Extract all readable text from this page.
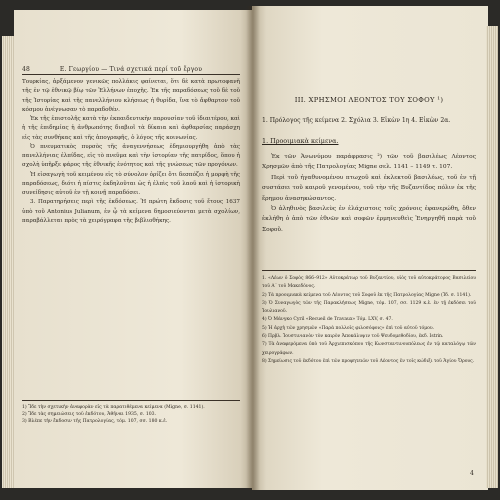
48	Ε. Γεωργίου — Τινά σχετικά περί τοῦ ἔργου

Τουρκίας, ἀρξάμενον γενικῶς πολλάκις φαίνεται, ὅτι δὲ κατὰ πρωτοφανῆ τῆς ἐν τῷ ἐθνικῷ βίῳ τῶν Ἑλλήνων ἐποχῆς. Ἐκ τῆς παραδόσεως τοῦ δὲ τοῦ τῆς Ἱστορίας καὶ τῆς πανελλήνιου κλήσεως ἡ θυρίδα, ἵνα τὸ ἄφθαρτον τοῦ κόσμου ἀνέγνωσαν τὸ παραδοθέν.

Ἐκ τῆς ἐπιστολῆς κατὰ τὴν ἐκπαιδευτικὴν παρουσίαν τοῦ ἰδιαιτέρου, καὶ ἡ τῆς ἐπιδημίας ἡ ἀνθρωπότης διαβιοῖ τὰ δίκαια καὶ ἀφθαρσίας παράσχη εἰς τὰς συνθήκας καὶ τῆς ἀπογραφῆς, ὁ λόγος τῆς κοινωνίας.

Ὁ πνευματικὸς πυρσὸς τῆς ἀναγεννήσεως ἐδημιουργήθη ἀπὸ τὰς πανελλήνιας ἐλπίδας, εἰς τὸ πνεῦμα καὶ τὴν ἱστορίαν τῆς πατρίδος, ὅπου ἡ σχολὴ ὑπῆρξε φάρος τῆς ἐθνικῆς ἐνότητος καὶ τῆς γνώσεως τῶν προγόνων.

Ἡ εἰσαγωγὴ τοῦ κειμένου εἰς τὸ σύνολον ὁρίζει ὅτι δεσπόζει ἡ μορφὴ τῆς παραδόσεως, διότι ἡ πίστις ἐκδηλοῦται ὡς ἡ ἐλπὶς τοῦ λαοῦ καὶ ἡ ἱστορικὴ συνείδησις αὐτοῦ ἐν τῇ κοινῇ παραδόσει.

3. Παρατηρήσεις περὶ τῆς ἐκδόσεως. Ἡ πρώτη ἔκδοσις τοῦ ἔτους 1637 ὑπὸ τοῦ Antonius Julianum, ἐν ᾧ τὰ κείμενα δημοσιεύονται μετὰ σχολίων, παραβάλλεται πρὸς τὰ χειρόγραφα τῆς βιβλιοθήκης.

1) Ἴδε τὴν σχετικὴν ἀναφορὰν εἰς τὰ παρατιθέμενα κείμενα (Migne, σ. 1141).
2) Ἴδε τὰς σημειώσεις τοῦ ἐκδότου, Ἀθῆναι 1935, σ. 103.
3) Βλέπε τὴν ἔκδοσιν τῆς Πατρολογίας, τόμ. 107, σσ. 180 κ.ἑ.
III. ΧΡΗΣΜΟΙ ΛΕΟΝΤΟΣ ΤΟΥ ΣΟΦΟΥ ¹)
1. Πρόλογος τῆς κείμενα 2. Σχόλια 3. Εἰκὼν 1η 4. Εἰκὼν 2α.
1. Προοιμιακὰ κείμενα.

Ἐκ τῶν Ἀνωνύμου παράφρασις ²) τῶν τοῦ βασιλέως Λέοντος Χρησμῶν ἀπὸ τῆς Πατρολογίας Migne σελ. 1141 – 1149 τ. 107.

Περὶ τοῦ ἠγαθυνομένου πτωχοῦ καὶ ἐκλεκτοῦ βασιλέως, τοῦ ἐν τῇ συστάσει τοῦ καιροῦ γενομένου, τοῦ τὴν τῆς Βυζαντίδος πόλιν ἐκ τῆς ἔρημου ἀνασηκώσαντος.

Ὁ ἀληθινὸς βασιλεὺς ἐν ἐλάχιστοις τοῖς χρόνοις ἐφανερώθη, ὅθεν ἐκλήθη ὁ ἀπὸ τῶν ἐθνῶν καὶ σοφῶν ἑρμηνευθεὶς Ἐνηργηθῆ παρὰ τοῦ Σοφοῦ.

1. «Λέων ὁ Σοφὸς 866–912» Αὐτοκράτωρ τοῦ Βυζαντίου, υἱὸς τοῦ αὐτοκράτορος Βασιλείου τοῦ Α΄ τοῦ Μακεδόνος.
2) Τὰ προοιμιακὰ κείμενα τοῦ Λέοντος τοῦ Σοφοῦ ἐκ τῆς Πατρολογίας Migne (Ἰδ. σ. 1141).
3) Ὁ Συναγωγὸς τῶν τῆς Παρακλήσεως Migne, τόμ. 107, σσ. 1129 κ.ἑ. ἐν τῇ ἐκδόσει τοῦ Ἰουλιανοῦ.
4) Ὁ Μάνγκο Cyril «Recueil de Travaux» Τόμ. LXV, σ. 47.
5) Ἡ ἀρχὴ τῶν χρησμῶν «Παρὰ πολλοῖς φιλοσόφοις» ἐπὶ τοῦ αὐτοῦ τόμου.
6) Πρβλ. Ἰουστινιανὸν τὸν καιρὸν Ἀποκάλυψιν τοῦ Ψευδομεθοδίου, ἐκδ. Istrin.
7) Τὰ ἀναφερόμενα ὑπὸ τοῦ Ἀρχιεπισκόπου τῆς Κωνσταντινουπόλεως ἐν τῷ καταλόγῳ τῶν χειρογράφων.
8) Σημείωσις τοῦ ἐκδότου ἐπὶ τῶν προφητειῶν τοῦ Λέοντος ἐν τοῖς κώδιξι τοῦ Ἁγίου Ὄρους.
4
